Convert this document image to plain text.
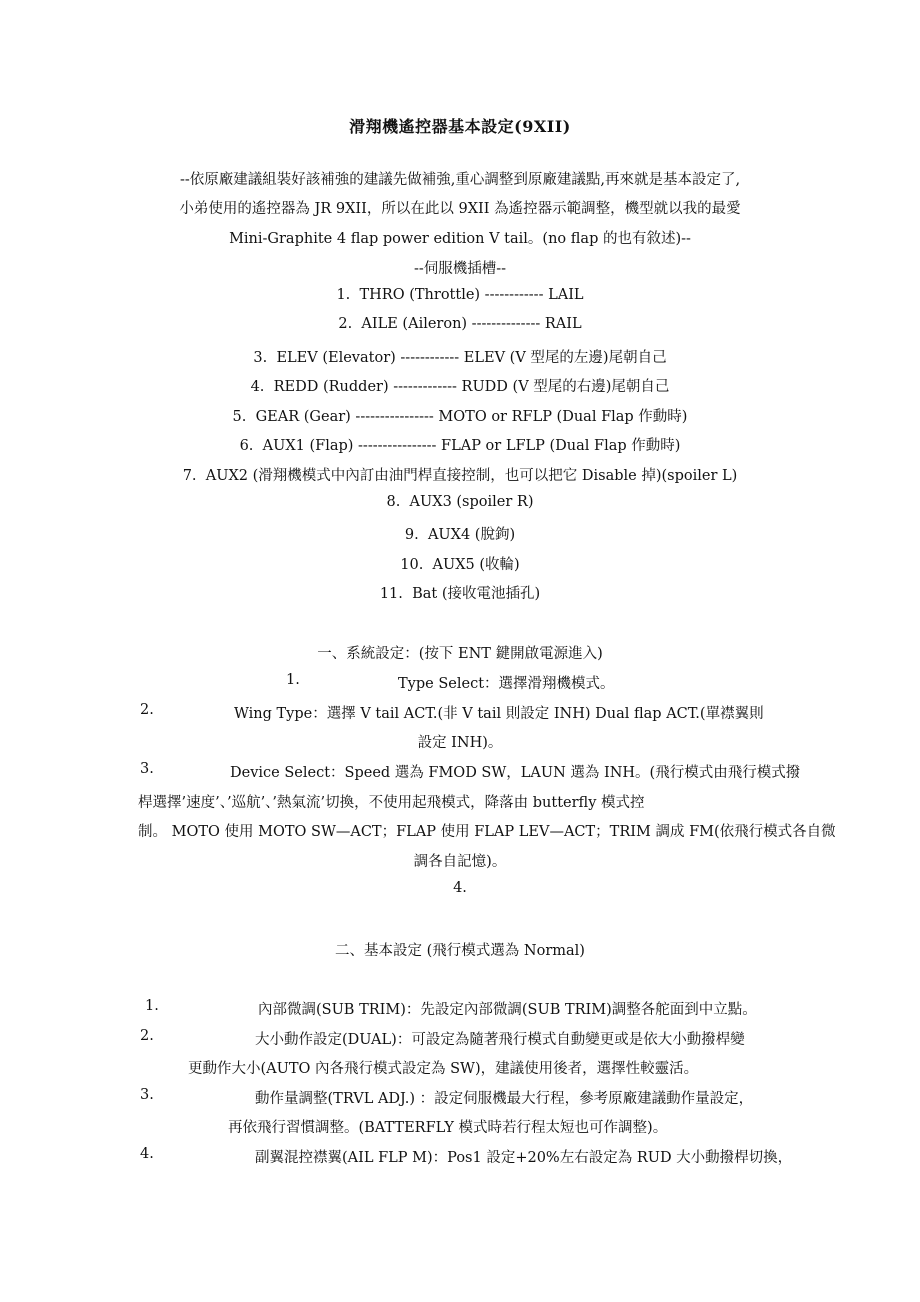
滑翔機遙控器基本設定(9XII)
--依原廠建議組裝好該補強的建議先做補強,重心調整到原廠建議點,再來就是基本設定了,
小弟使用的遙控器為 JR 9XII，所以在此以 9XII 為遙控器示範調整，機型就以我的最愛
Mini-Graphite 4 flap power edition V tail。(no flap 的也有敘述)--
--伺服機插槽--
1.  THRO (Throttle) ------------ LAIL
2.  AILE (Aileron) -------------- RAIL
3.  ELEV (Elevator) ------------ ELEV (V 型尾的左邊)尾朝自己
4.  REDD (Rudder) ------------- RUDD (V 型尾的右邊)尾朝自己
5.  GEAR (Gear) ---------------- MOTO or RFLP (Dual Flap 作動時)
6.  AUX1 (Flap) ---------------- FLAP or LFLP (Dual Flap 作動時)
7.  AUX2 (滑翔機模式中內訂由油門桿直接控制，也可以把它 Disable 掉)(spoiler L)
8.  AUX3 (spoiler R)
9.  AUX4 (脫鉤)
10.  AUX5 (收輪)
11.  Bat (接收電池插孔)
一、系統設定：(按下 ENT 鍵開啟電源進入)
1.	Type Select：選擇滑翔機模式。
2.	Wing Type：選擇 V tail ACT.(非 V tail 則設定 INH) Dual flap ACT.(單襟翼則
設定 INH)。
3.	Device Select：Speed 選為 FMOD SW，LAUN 選為 INH。(飛行模式由飛行模式撥
桿選擇’速度’、’巡航’、’熱氣流’切換，不使用起飛模式，降落由 butterfly 模式控
制。 MOTO 使用 MOTO SW—ACT；FLAP 使用 FLAP LEV—ACT；TRIM 調成 FM(依飛行模式各自微
調各自記憶)。
4.
二、基本設定 (飛行模式選為 Normal)
1.	內部微調(SUB TRIM)：先設定內部微調(SUB TRIM)調整各舵面到中立點。
2.	大小動作設定(DUAL)：可設定為隨著飛行模式自動變更或是依大小動撥桿變
更動作大小(AUTO 內各飛行模式設定為 SW)，建議使用後者，選擇性較靈活。
3.	動作量調整(TRVL ADJ.) ：設定伺服機最大行程，參考原廠建議動作量設定，
再依飛行習慣調整。(BATTERFLY 模式時若行程太短也可作調整)。
4.	副翼混控襟翼(AIL FLP M)：Pos1 設定+20%左右設定為 RUD 大小動撥桿切換，
